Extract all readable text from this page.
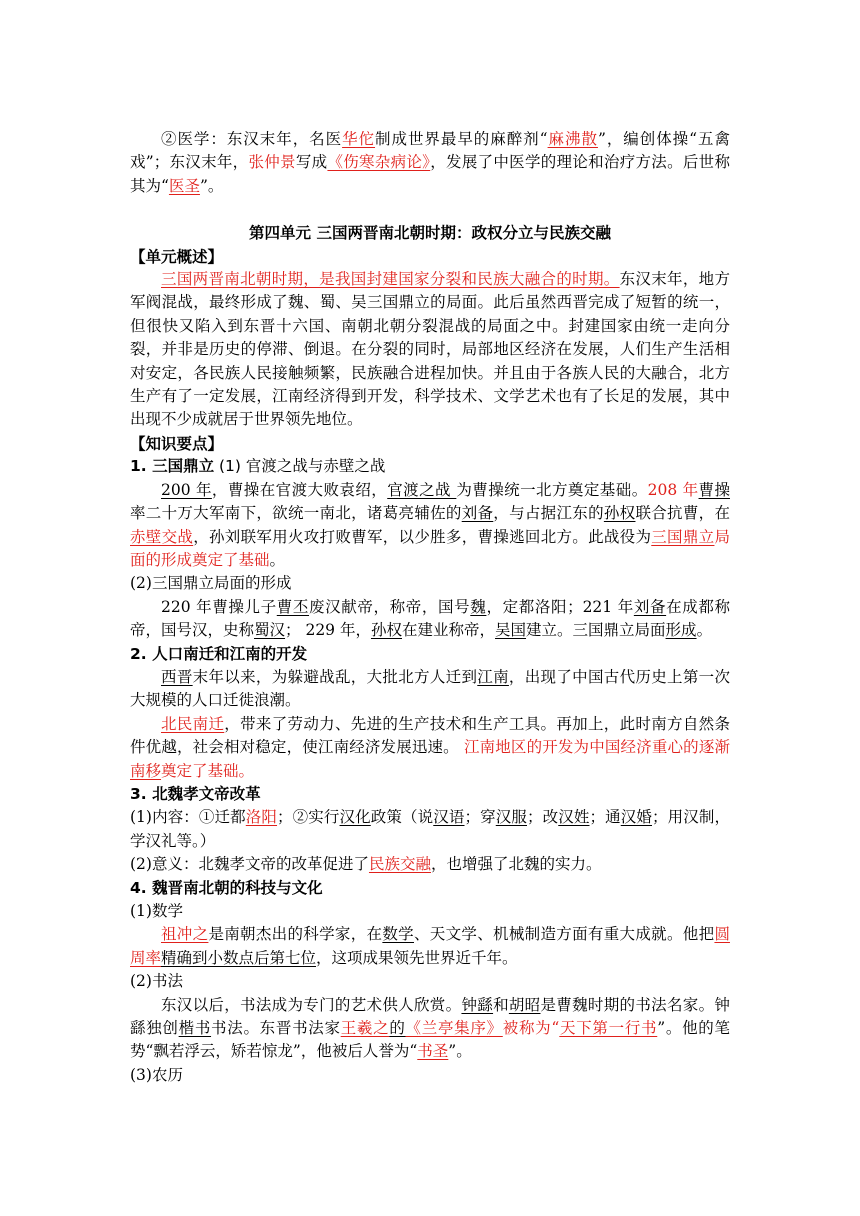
②医学：东汉末年，名医华佗制成世界最早的麻醉剂“麻沸散”，编创体操“五禽戏”；东汉末年，张仲景写成《伤寒杂病论》，发展了中医学的理论和治疗方法。后世称其为“医圣”。

第四单元 三国两晋南北朝时期：政权分立与民族交融

【单元概述】

三国两晋南北朝时期，是我国封建国家分裂和民族大融合的时期。东汉末年，地方军阀混战，最终形成了魏、蜀、吴三国鼎立的局面。此后虽然西晋完成了短暂的统一，但很快又陷入到东晋十六国、南朝北朝分裂混战的局面之中。封建国家由统一走向分裂，并非是历史的停滞、倒退。在分裂的同时，局部地区经济在发展，人们生产生活相对安定，各民族人民接触频繁，民族融合进程加快。并且由于各族人民的大融合，北方生产有了一定发展，江南经济得到开发，科学技术、文学艺术也有了长足的发展，其中出现不少成就居于世界领先地位。

【知识要点】

1. 三国鼎立 (1) 官渡之战与赤壁之战

200 年，曹操在官渡大败袁绍，官渡之战 为曹操统一北方奠定基础。208 年曹操率二十万大军南下，欲统一南北，诸葛亮辅佐的刘备，与占据江东的孙权联合抗曹，在赤壁交战，孙刘联军用火攻打败曹军，以少胜多，曹操逃回北方。此战役为三国鼎立局面的形成奠定了基础。

(2)三国鼎立局面的形成

220 年曹操儿子曹丕废汉献帝，称帝，国号魏，定都洛阳；221 年刘备在成都称帝，国号汉，史称蜀汉； 229 年，孙权在建业称帝，吴国建立。三国鼎立局面形成。

2. 人口南迁和江南的开发

西晋末年以来，为躲避战乱，大批北方人迁到江南，出现了中国古代历史上第一次大规模的人口迁徙浪潮。

北民南迁，带来了劳动力、先进的生产技术和生产工具。再加上，此时南方自然条件优越，社会相对稳定，使江南经济发展迅速。 江南地区的开发为中国经济重心的逐渐南移奠定了基础。

3. 北魏孝文帝改革

(1)内容：①迁都洛阳；②实行汉化政策（说汉语；穿汉服；改汉姓；通汉婚；用汉制，学汉礼等。）

(2)意义：北魏孝文帝的改革促进了民族交融，也增强了北魏的实力。

4. 魏晋南北朝的科技与文化

(1)数学

祖冲之是南朝杰出的科学家，在数学、天文学、机械制造方面有重大成就。他把圆周率精确到小数点后第七位，这项成果领先世界近千年。

(2)书法

东汉以后，书法成为专门的艺术供人欣赏。钟繇和胡昭是曹魏时期的书法名家。钟繇独创楷书书法。东晋书法家王羲之的《兰亭集序》被称为“天下第一行书”。他的笔势“飘若浮云，矫若惊龙”，他被后人誉为“书圣”。

(3)农历
